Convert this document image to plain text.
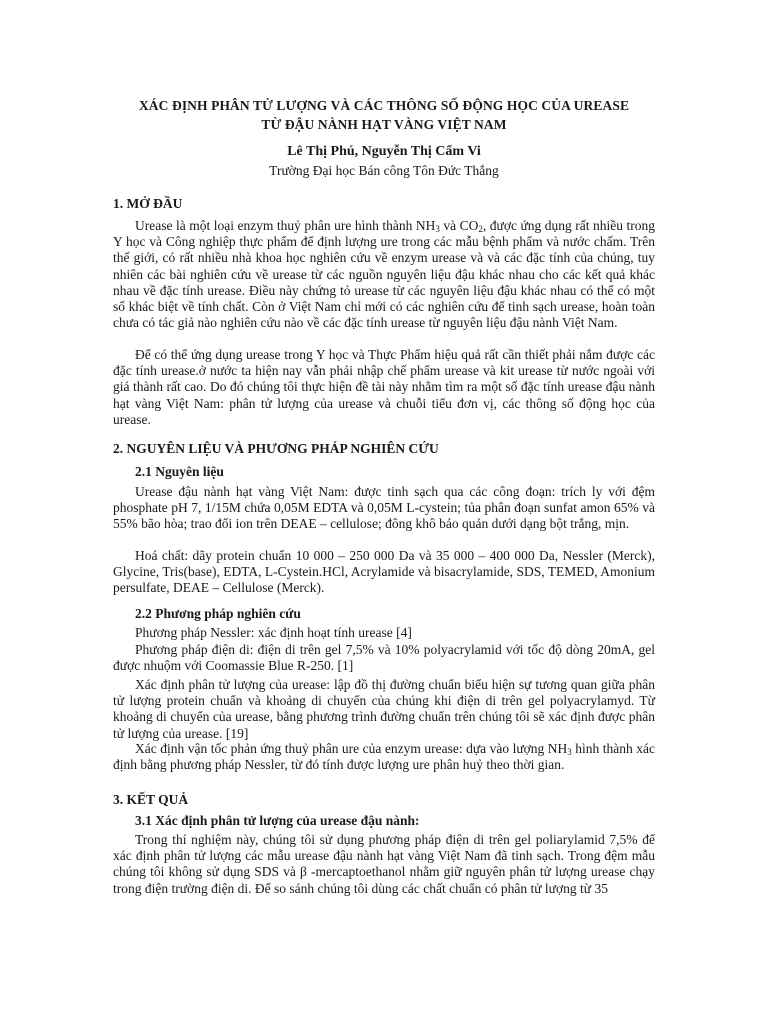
XÁC ĐỊNH PHÂN TỬ LƯỢNG VÀ CÁC THÔNG SỐ ĐỘNG HỌC CỦA UREASE
TỪ ĐẬU NÀNH HẠT VÀNG VIỆT NAM
Lê Thị Phú, Nguyễn Thị Cẩm Vi
Trường Đại học Bán công Tôn Đức Thắng
1. MỞ ĐẦU

Urease là một loại enzym thuỷ phân ure hình thành $NH_3$ và $CO_2$, được ứng dụng rất nhiều trong Y học và Công nghiệp thực phẩm để định lượng ure trong các mẫu bệnh phẩm và nước chấm. Trên thế giới, có rất nhiều nhà khoa học nghiên cứu về enzym urease và và các đặc tính của chúng, tuy nhiên các bài nghiên cứu về urease từ các nguồn nguyên liệu đậu khác nhau cho các kết quả khác nhau về đặc tính urease. Điều này chứng tỏ urease từ các nguyên liệu đậu khác nhau có thể có một số khác biệt về tính chất. Còn ở Việt Nam chỉ mới có các nghiên cứu để tinh sạch urease, hoàn toàn chưa có tác giả nào nghiên cứu nào về các đặc tính urease từ nguyên liệu đậu nành Việt Nam.

Để có thể ứng dụng urease trong Y học và Thực Phẩm hiệu quả rất cần thiết phải nắm được các đặc tính urease.ở nước ta hiện nay vẫn phải nhập chế phẩm urease và kit urease từ nước ngoài với giá thành rất cao. Do đó chúng tôi thực hiện đề tài này nhằm tìm ra một số đặc tính urease đậu nành hạt vàng Việt Nam: phân tử lượng của urease và chuỗi tiểu đơn vị, các thông số động học của urease.

2. NGUYÊN LIỆU VÀ PHƯƠNG PHÁP NGHIÊN CỨU
2.1 Nguyên liệu

Urease đậu nành hạt vàng Việt Nam: được tinh sạch qua các công đoạn: trích ly với đệm phosphate pH 7, 1/15M chứa 0,05M EDTA và 0,05M L-cystein; tủa phân đoạn sunfat amon 65% và 55% bão hòa; trao đổi ion trên DEAE – cellulose; đông khô bảo quản dưới dạng bột trắng, mịn.

Hoá chất: dãy protein chuẩn 10 000 – 250 000 Da và 35 000 – 400 000 Da, Nessler (Merck), Glycine, Tris(base), EDTA, L-Cystein.HCl, Acrylamide và bisacrylamide, SDS, TEMED, Amonium persulfate, DEAE – Cellulose (Merck).

2.2 Phương pháp nghiên cứu

Phương pháp Nessler: xác định hoạt tính urease [4]

Phương pháp điện di: điện di trên gel 7,5% và 10% polyacrylamid với tốc độ dòng 20mA, gel được nhuộm với Coomassie Blue R-250. [1]

Xác định phân tử lượng của urease: lập đồ thị đường chuẩn biểu hiện sự tương quan giữa phân tử lượng protein chuẩn và khoảng di chuyển của chúng khi điện di trên gel polyacrylamyd. Từ khoảng di chuyển của urease, bằng phương trình đường chuẩn trên chúng tôi sẽ xác định được phân tử lượng của urease. [19]

Xác định vận tốc phản ứng thuỷ phân ure của enzym urease: dựa vào lượng $NH_3$ hình thành xác định bằng phương pháp Nessler, từ đó tính được lượng ure phân huỷ theo thời gian.

3. KẾT QUẢ
3.1 Xác định phân tử lượng của urease đậu nành:

Trong thí nghiệm này, chúng tôi sử dụng phương pháp điện di trên gel poliarylamid 7,5% để xác định phân tử lượng các mẫu urease đậu nành hạt vàng Việt Nam đã tinh sạch. Trong đệm mẫu chúng tôi không sử dụng SDS và β -mercaptoethanol nhằm giữ nguyên phân tử lượng urease chạy trong điện trường điện di. Để so sánh chúng tôi dùng các chất chuẩn có phân tử lượng từ 35
